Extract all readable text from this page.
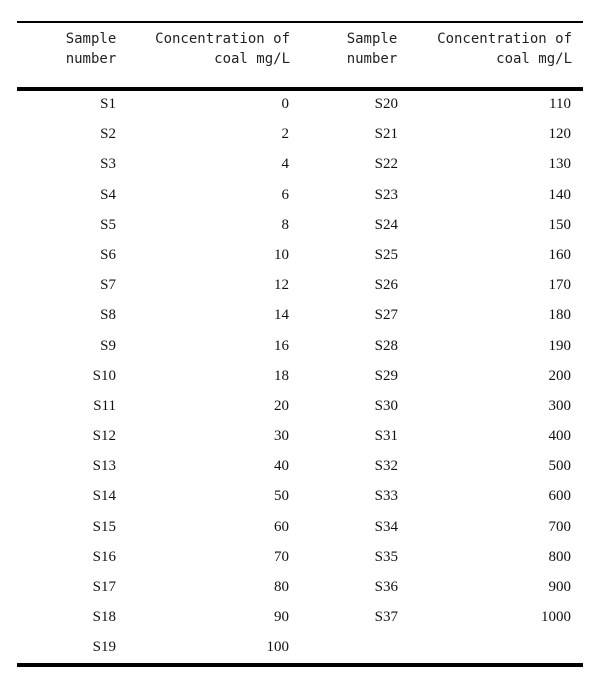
Sample
number
Concentration of
coal mg/L
Sample
number
Concentration of
coal mg/L
S1
S2
S3
S4
S5
S6
S7
S8
S9
S10
S11
S12
S13
S14
S15
S16
S17
S18
S19
0
2
4
6
8
10
12
14
16
18
20
30
40
50
60
70
80
90
100
S20
S21
S22
S23
S24
S25
S26
S27
S28
S29
S30
S31
S32
S33
S34
S35
S36
S37
110
120
130
140
150
160
170
180
190
200
300
400
500
600
700
800
900
1000
